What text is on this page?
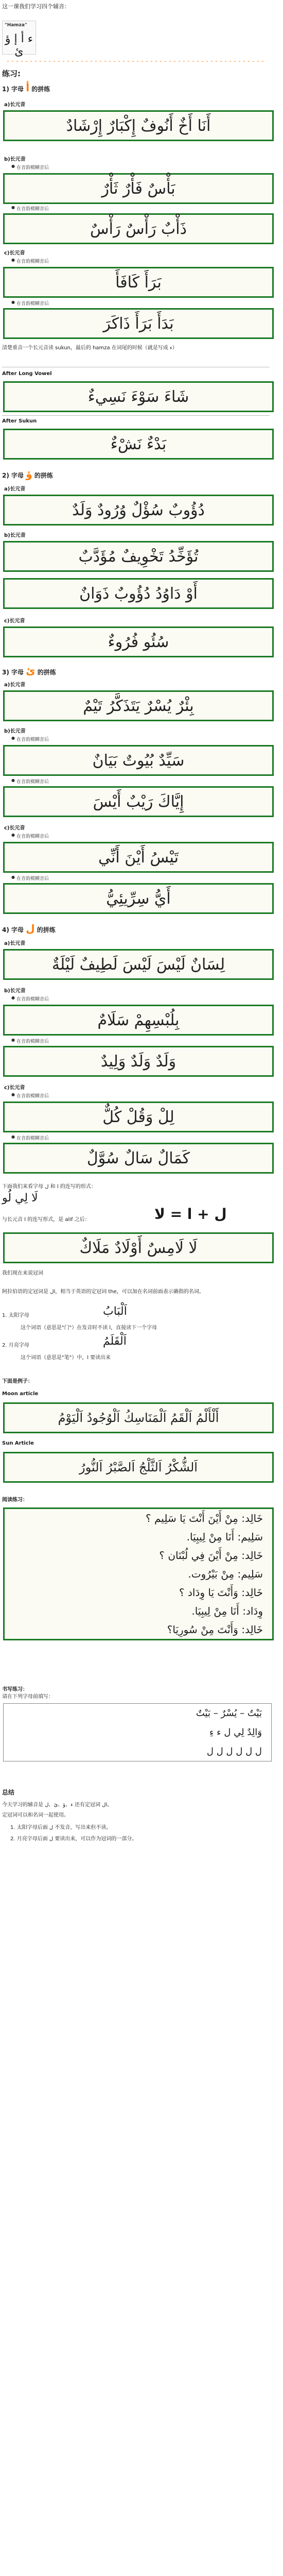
这一课我们学习四个辅音：
"Hamza"
ء أ إ ؤ ئ
练习:
1) 字母 أ 的拼练
a)长元音
أَنَا أَخٌ أَنُوفٌ إِكْبَارٌ إِرْشَادٌ
b)长元音
● 在音韵模糊音后
بَأْسٌ فَأْرٌ ثَأْرٌ
● 在音韵模糊音后
ذَأْبٌ رَأْسٌ رَأْسٌ
c)长元音
● 在音韵模糊音后
بَرَأَ كَافَأَ
● 在音韵模糊音后
بَدَأَ بَرَأَ ذَاكَرَ
清楚重音一个长元音读 sukun，最后的 hamza 在词尾的时候（就是写成 ء）
After Long Vowel
شَاءَ سَوْءَ نَسِيءٌ
After Sukun
بَدْءٌ نَشْءٌ
2) 字母 ؤ 的拼练
a)长元音
دُؤُوبٌ سُؤْلٌ وُرُودٌ وَلَدٌ
b)长元音
تُؤَخِّدُ تَخْوِيفٌ مُؤَدَّبٌ
أَوْ دَاوُدُ دُؤُوبٌ ذَوَانٌ
c)长元音
سُئُو فُرُوءٌ
3) 字母 ئ 的拼练
a)长元音
بِئْرٌ يُسْرٌ يَتَذَكَّرُ تَيْمٌ
b)长元音
● 在音韵模糊音后
سَيِّدٌ بُيُوتٌ بَيَانٌ
● 在音韵模糊音后
إِيَّاكَ رَيْبٌ أَيْسَ
c)长元音
● 在音韵模糊音后
تَيْسُ أَيْنَ أَنِّي
● 在音韵模糊音后
أَيُّ سِرِّيئِيُّ
4) 字母 ل 的拼练
a)长元音
لِسَانٌ لَيْسَ لَيْسَ لَطِيفٌ لَيْلَةٌ
b)长元音
● 在音韵模糊音后
بِلُبْسِهِمْ سَلَامٌ
● 在音韵模糊音后
وَلَدٌ وَلَدٌ وَلِيدٌ
c)长元音
● 在音韵模糊音后
لِلْ وَقُلْ كُلٌّ
● 在音韵模糊音后
كَمَالٌ سَالٌ سُوَّلٌ
下面我们来看字母 ل 和 ا 的连写的形式：
لَا لِي لُو
与长元音 ا 的连写形式，是 alif 之后：	ل + ا = لا
لَا لَامِسٌ أَوْلَادٌ مَلَاكٌ
我们现在来说冠词
阿拉伯语的定冠词是 ال，相当于英语的定冠词 the，可以加在名词前面表示确指的名词。
1. 太阳字母	اَلْبَابُ
这个词语（意思是"门"）在发音时不读 l，直接读下一个字母
2. 月亮字母	اَلْقَلَمُ
这个词语（意思是"笔"）中，l 要读出来
下面是例子：
Moon article
أَلْأَلْمُ اَلْقَمُ اَلْمَنَاسِكُ اَلْوُجُودُ اَلْيَوْمُ
Sun Article
اَلشُّكْرُ اَلثَّلْجُ اَلصَّبْرُ اَلنُّورُ
阅读练习：
خَالِد: مِنْ أَيْنَ أَنْتَ يَا سَلِيم ؟
سَلِيم: أَنَا مِنْ لِيبِيَا.
خَالِد: مِنْ أَيْنَ فِي لُبْنَان ؟
سَلِيم: مِنْ بَيْرُوت.
خَالِد: وَأَنْتَ يَا وِدَاد ؟
وِدَاد: أَنَا مِنْ لِيبِيَا.
خَالِد: وَأَنْتَ مِنْ سُورِيَا؟
书写练习：
请在下列字母前填写：
بَيْتٌ – يُسْرٌ – بَيْتٌ
وَالِدٌ لِي ل ء ءِ
ل ل ل ل ل ل
总结
今天学习的辅音是 ء、ؤ、ئ、ل 还有定冠词 ال。
定冠词可以和名词一起使用。
1. 太阳字母后面 ل 不发音，写出来但不读。
2. 月亮字母后面 ل 要读出来，可以作为冠词的一部分。
